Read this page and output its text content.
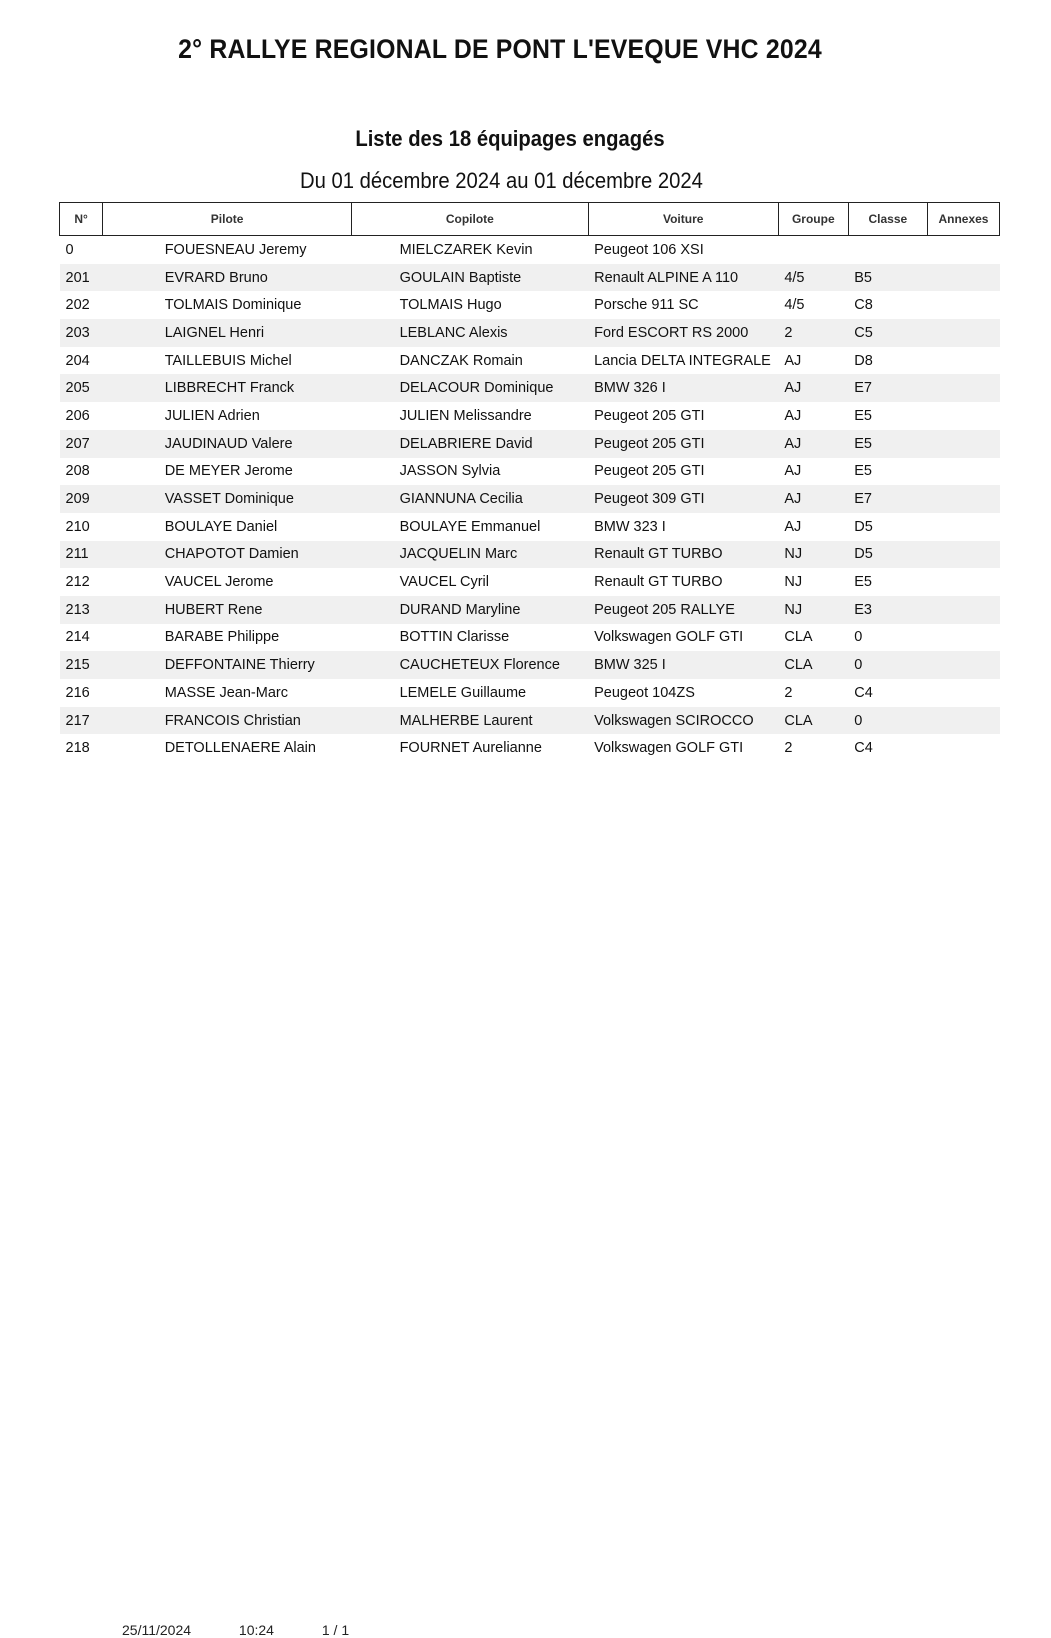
2° RALLYE REGIONAL DE PONT L'EVEQUE VHC 2024
Liste des 18 équipages engagés
Du 01 décembre 2024 au 01 décembre 2024
N°	Pilote	Copilote	Voiture	Groupe	Classe	Annexes
0	FOUESNEAU Jeremy	MIELCZAREK Kevin	Peugeot 106 XSI			
201	EVRARD Bruno	GOULAIN Baptiste	Renault ALPINE A 110	4/5	B5	
202	TOLMAIS Dominique	TOLMAIS Hugo	Porsche 911 SC	4/5	C8	
203	LAIGNEL Henri	LEBLANC Alexis	Ford ESCORT RS 2000	2	C5	
204	TAILLEBUIS Michel	DANCZAK Romain	Lancia DELTA INTEGRALE	AJ	D8	
205	LIBBRECHT Franck	DELACOUR Dominique	BMW 326 I	AJ	E7	
206	JULIEN Adrien	JULIEN Melissandre	Peugeot 205 GTI	AJ	E5	
207	JAUDINAUD Valere	DELABRIERE David	Peugeot 205 GTI	AJ	E5	
208	DE MEYER Jerome	JASSON Sylvia	Peugeot 205 GTI	AJ	E5	
209	VASSET Dominique	GIANNUNA Cecilia	Peugeot 309 GTI	AJ	E7	
210	BOULAYE Daniel	BOULAYE Emmanuel	BMW 323 I	AJ	D5	
211	CHAPOTOT Damien	JACQUELIN Marc	Renault GT TURBO	NJ	D5	
212	VAUCEL Jerome	VAUCEL Cyril	Renault GT TURBO	NJ	E5	
213	HUBERT Rene	DURAND Maryline	Peugeot 205 RALLYE	NJ	E3	
214	BARABE Philippe	BOTTIN Clarisse	Volkswagen GOLF GTI	CLA	0	
215	DEFFONTAINE Thierry	CAUCHETEUX Florence	BMW 325 I	CLA	0	
216	MASSE Jean-Marc	LEMELE Guillaume	Peugeot 104ZS	2	C4	
217	FRANCOIS Christian	MALHERBE Laurent	Volkswagen SCIROCCO	CLA	0	
218	DETOLLENAERE Alain	FOURNET Aurelianne	Volkswagen GOLF GTI	2	C4	
25/11/2024	10:24	1 / 1
